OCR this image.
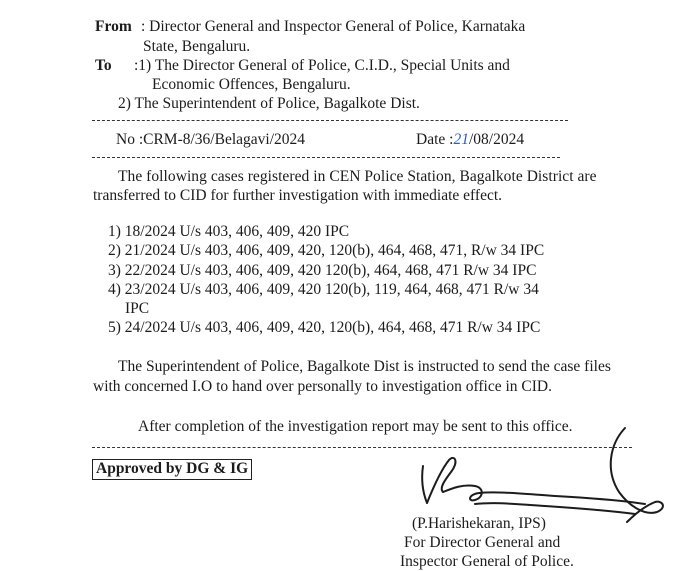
From : Director General and Inspector General of Police, Karnataka
State, Bengaluru.
To :1) The Director General of Police, C.I.D., Special Units and
Economic Offences, Bengaluru.
2) The Superintendent of Police, Bagalkote Dist.
No :CRM-8/36/Belagavi/2024	Date :21/08/2024
The following cases registered in CEN Police Station, Bagalkote District are
transferred to CID for further investigation with immediate effect.
1) 18/2024 U/s 403, 406, 409, 420 IPC
2) 21/2024 U/s 403, 406, 409, 420, 120(b), 464, 468, 471, R/w 34 IPC
3) 22/2024 U/s 403, 406, 409, 420 120(b), 464, 468, 471 R/w 34 IPC
4) 23/2024 U/s 403, 406, 409, 420 120(b), 119, 464, 468, 471 R/w 34
IPC
5) 24/2024 U/s 403, 406, 409, 420, 120(b), 464, 468, 471 R/w 34 IPC
The Superintendent of Police, Bagalkote Dist is instructed to send the case files
with concerned I.O to hand over personally to investigation office in CID.
After completion of the investigation report may be sent to this office.
Approved by DG & IG
(P.Harishekaran, IPS)
For Director General and
Inspector General of Police.
